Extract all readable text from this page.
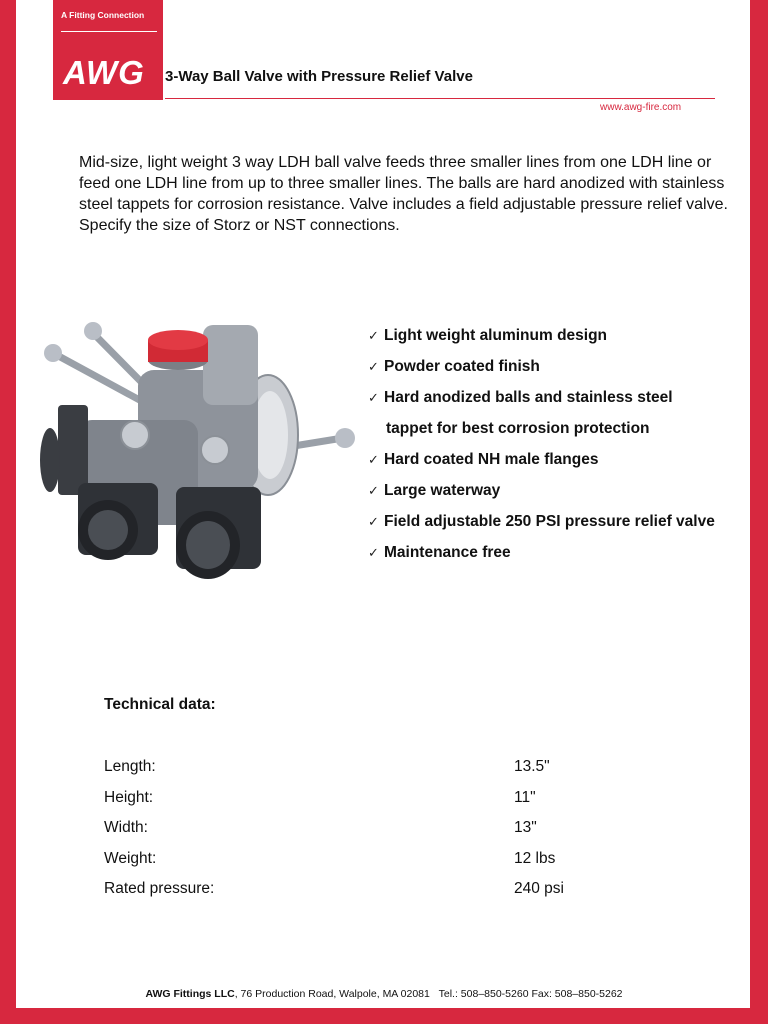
A Fitting Connection
AWG 3-Way Ball Valve with Pressure Relief Valve
www.awg-fire.com
Mid-size, light weight 3 way LDH ball valve feeds three smaller lines from one LDH line or feed one LDH line from up to three smaller lines. The balls are hard anodized with stainless steel tappets for corrosion resistance. Valve includes a field adjustable pressure relief valve. Specify the size of Storz or NST connections.
✓ Light weight aluminum design
✓ Powder coated finish
✓ Hard anodized balls and stainless steel
tappet for best corrosion protection
✓ Hard coated NH male flanges
✓ Large waterway
✓ Field adjustable 250 PSI pressure relief valve
✓ Maintenance free
Technical data:
Length:	13.5"
Height:	11"
Width:	13"
Weight:	12 lbs
Rated pressure:	240 psi
AWG Fittings LLC, 76 Production Road, Walpole, MA 02081 Tel.: 508–850-5260 Fax: 508–850-5262
